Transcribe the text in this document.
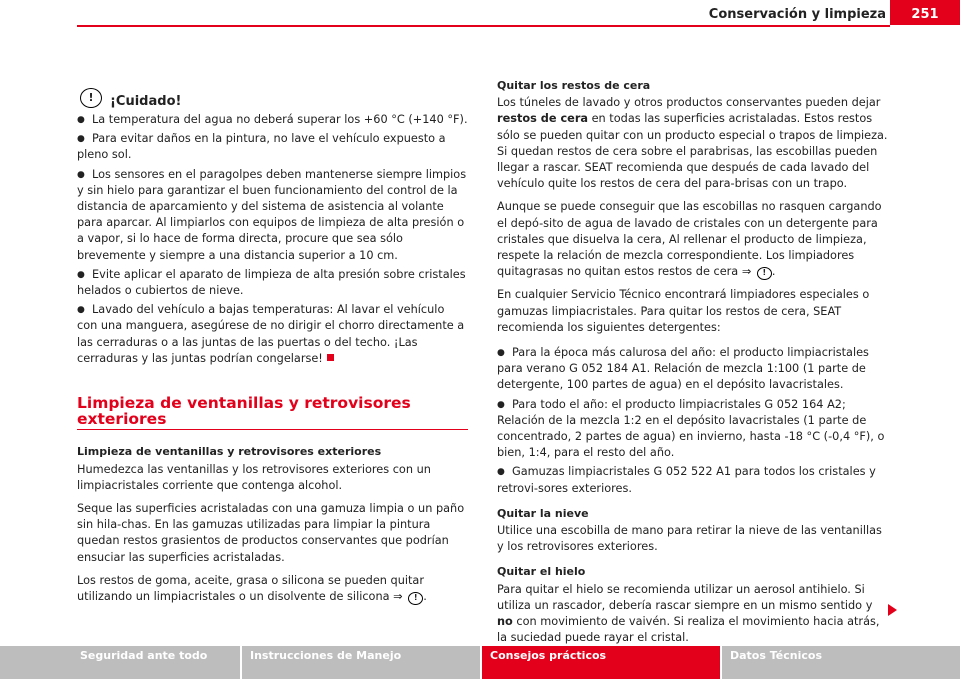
Conservación y limpieza	251
!	¡Cuidado!
● La temperatura del agua no deberá superar los +60 °C (+140 °F).
● Para evitar daños en la pintura, no lave el vehículo expuesto a pleno sol.
● Los sensores en el paragolpes deben mantenerse siempre limpios y sin hielo para garantizar el buen funcionamiento del control de la distancia de aparcamiento y del sistema de asistencia al volante para aparcar. Al limpiarlos con equipos de limpieza de alta presión o a vapor, si lo hace de forma directa, procure que sea sólo brevemente y siempre a una distancia superior a 10 cm.
● Evite aplicar el aparato de limpieza de alta presión sobre cristales helados o cubiertos de nieve.
● Lavado del vehículo a bajas temperaturas: Al lavar el vehículo con una manguera, asegúrese de no dirigir el chorro directamente a las cerraduras o a las juntas de las puertas o del techo. ¡Las cerraduras y las juntas podrían congelarse!
Limpieza de ventanillas y retrovisores exteriores
Limpieza de ventanillas y retrovisores exteriores

Humedezca las ventanillas y los retrovisores exteriores con un limpiacristales corriente que contenga alcohol.

Seque las superficies acristaladas con una gamuza limpia o un paño sin hila-chas. En las gamuzas utilizadas para limpiar la pintura quedan restos grasientos de productos conservantes que podrían ensuciar las superficies acristaladas.

Los restos de goma, aceite, grasa o silicona se pueden quitar utilizando un limpiacristales o un disolvente de silicona ⇒ ! .

Quitar los restos de cera

Los túneles de lavado y otros productos conservantes pueden dejar restos de cera en todas las superficies acristaladas. Estos restos sólo se pueden quitar con un producto especial o trapos de limpieza. Si quedan restos de cera sobre el parabrisas, las escobillas pueden llegar a rascar. SEAT recomienda que después de cada lavado del vehículo quite los restos de cera del para-brisas con un trapo.

Aunque se puede conseguir que las escobillas no rasquen cargando el depó-sito de agua de lavado de cristales con un detergente para cristales que disuelva la cera, Al rellenar el producto de limpieza, respete la relación de mezcla correspondiente. Los limpiadores quitagrasas no quitan estos restos de cera ⇒ ! .

En cualquier Servicio Técnico encontrará limpiadores especiales o gamuzas limpiacristales. Para quitar los restos de cera, SEAT recomienda los siguientes detergentes:

● Para la época más calurosa del año: el producto limpiacristales para verano G 052 184 A1. Relación de mezcla 1:100 (1 parte de detergente, 100 partes de agua) en el depósito lavacristales.
● Para todo el año: el producto limpiacristales G 052 164 A2; Relación de la mezcla 1:2 en el depósito lavacristales (1 parte de concentrado, 2 partes de agua) en invierno, hasta -18 °C (-0,4 °F), o bien, 1:4, para el resto del año.
● Gamuzas limpiacristales G 052 522 A1 para todos los cristales y retrovi-sores exteriores.
Quitar la nieve

Utilice una escobilla de mano para retirar la nieve de las ventanillas y los retrovisores exteriores.

Quitar el hielo

Para quitar el hielo se recomienda utilizar un aerosol antihielo. Si utiliza un rascador, debería rascar siempre en un mismo sentido y no con movimiento de vaivén. Si realiza el movimiento hacia atrás, la suciedad puede rayar el cristal.

Seguridad ante todo	Instrucciones de Manejo	Consejos prácticos	Datos Técnicos
